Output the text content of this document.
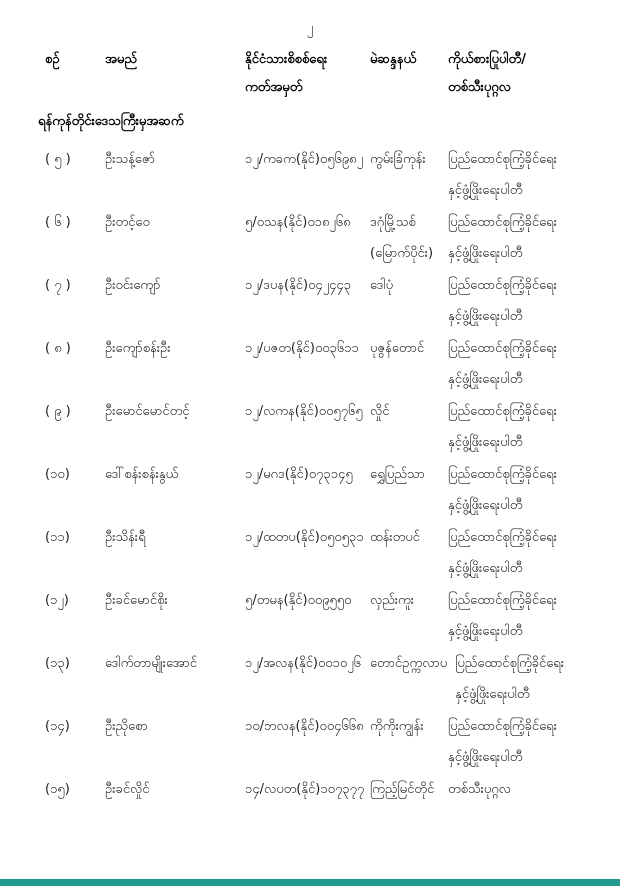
၂
စဉ်	အမည်	နိုင်ငံသားစိစစ်ရေး
ကတ်အမှတ်
မဲဆန္ဒနယ်	ကိုယ်စားပြုပါတီ/
တစ်သီးပုဂ္ဂလ
ရန်ကုန်တိုင်းဒေသကြီးမှအဆက်
( ၅ )	ဦးသန့်ဇော်	၁၂/ကခက(နိုင်)၀၅၆၉၈၂ ကွမ်းခြံကုန်း	ပြည်ထောင်စုကြံ့ခိုင်ရေး
နှင့်ဖွံ့ဖြိုးရေးပါတီ
( ၆ )	ဦးတင့်ဝေ	၅/ဝသန(နိုင်)၀၁၈၂၆၈	ဒဂုံမြို့သစ်
(မြောက်ပိုင်း)
ပြည်ထောင်စုကြံ့ခိုင်ရေး
နှင့်ဖွံ့ဖြိုးရေးပါတီ
( ၇ )	ဦးဝင်းကျော်	၁၂/ဒပန(နိုင်)၀၄၂၄၄၃	ဒေါပုံ	ပြည်ထောင်စုကြံ့ခိုင်ရေး
နှင့်ဖွံ့ဖြိုးရေးပါတီ
( ၈ )	ဦးကျော်စန်းဦး	၁၂/ပဇတ(နိုင်)၀၀၃၆၁၁ ပုဇွန်တောင်	ပြည်ထောင်စုကြံ့ခိုင်ရေး
နှင့်ဖွံ့ဖြိုးရေးပါတီ
( ၉ )	ဦးမောင်မောင်တင့်	၁၂/လကန(နိုင်)၀၀၅၇၆၅ လှိုင်	ပြည်ထောင်စုကြံ့ခိုင်ရေး
နှင့်ဖွံ့ဖြိုးရေးပါတီ
(၁၀)	ဒေါ်စန်းစန်းနွယ်	၁၂/မဂဒ(နိုင်)၀၇၃၁၄၅	ရွှေပြည်သာ	ပြည်ထောင်စုကြံ့ခိုင်ရေး
နှင့်ဖွံ့ဖြိုးရေးပါတီ
(၁၁)	ဦးသိန်းရီ	၁၂/ထတပ(နိုင်)၀၅၀၅၃၁ ထန်းတပင်	ပြည်ထောင်စုကြံ့ခိုင်ရေး
နှင့်ဖွံ့ဖြိုးရေးပါတီ
(၁၂)	ဦးခင်မောင်စိုး	၅/တမန(နိုင်)၀၀၉၅၅၀	လှည်းကူး	ပြည်ထောင်စုကြံ့ခိုင်ရေး
နှင့်ဖွံ့ဖြိုးရေးပါတီ
(၁၃)	ဒေါက်တာမျိုးအောင်	၁၂/အလန(နိုင်)၀၀၁၀၂၆ တောင်ဥက္ကလာပ ပြည်ထောင်စုကြံ့ခိုင်ရေး
နှင့်ဖွံ့ဖြိုးရေးပါတီ
(၁၄)	ဦးညိုစော	၁၀/ဘလန(နိုင်)၀၀၄၆၆၈ ကိုကိုးကျွန်း	ပြည်ထောင်စုကြံ့ခိုင်ရေး
နှင့်ဖွံ့ဖြိုးရေးပါတီ
(၁၅)	ဦးခင်လှိုင်	၁၄/လပတ(နိုင်)၁၀၇၃၇၇ ကြည့်မြင်တိုင်	တစ်သီးပုဂ္ဂလ
